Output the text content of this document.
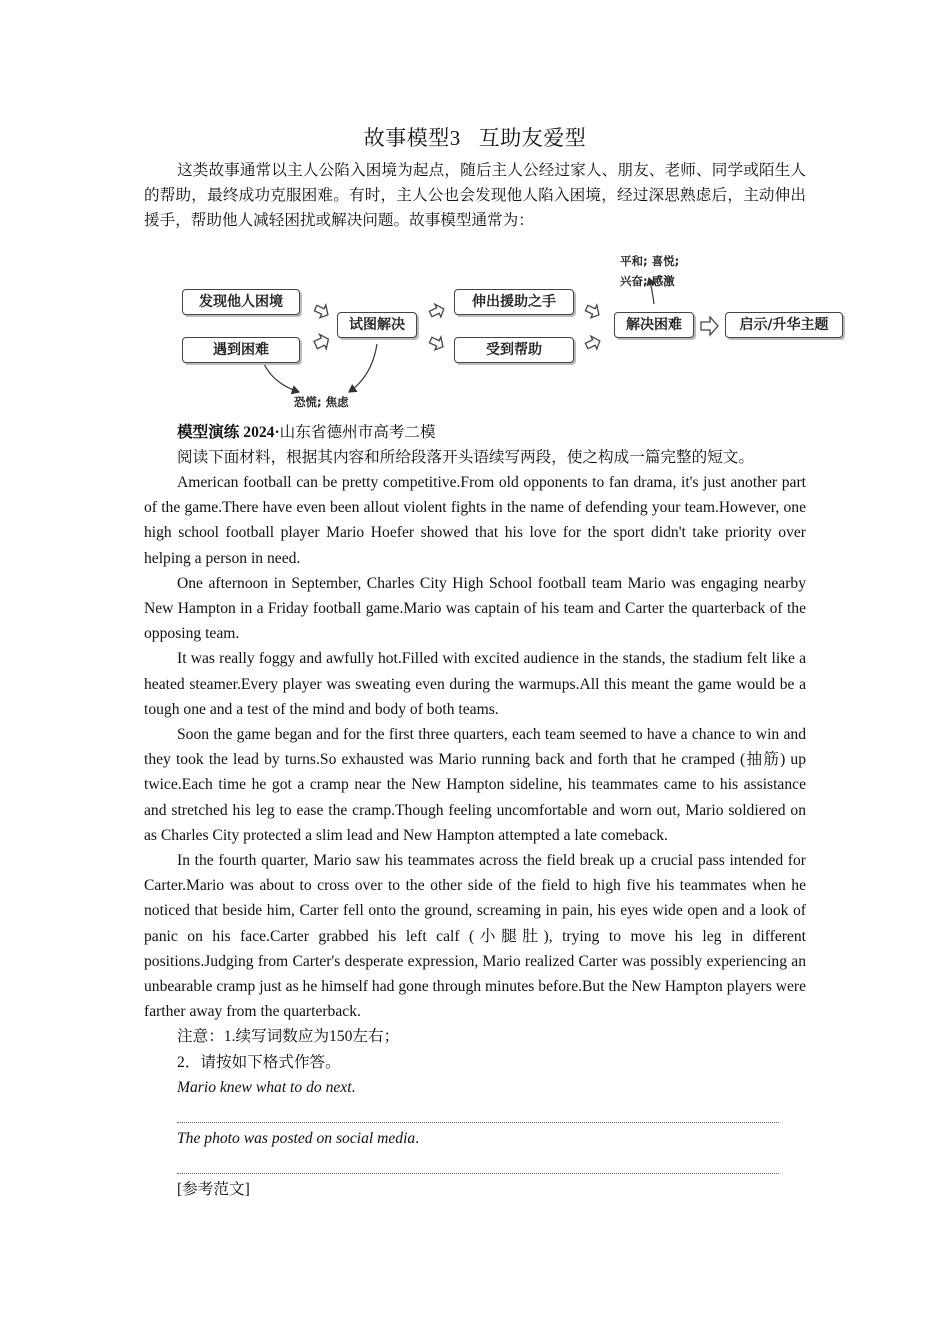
故事模型3 互助友爱型

这类故事通常以主人公陷入困境为起点，随后主人公经过家人、朋友、老师、同学或陌生人的帮助，最终成功克服困难。有时，主人公也会发现他人陷入困境，经过深思熟虑后，主动伸出援手，帮助他人减轻困扰或解决问题。故事模型通常为：

发现他人困境
遇到困难
试图解决
伸出援助之手
受到帮助
解决困难	启示/升华主题
平和; 喜悦;
兴奋; 感激
恐慌; 焦虑

模型演练 2024·山东省德州市高考二模

阅读下面材料，根据其内容和所给段落开头语续写两段，使之构成一篇完整的短文。

American football can be pretty competitive.From old opponents to fan drama, it's just another part of the game.There have even been allout violent fights in the name of defending your team.However, one high school football player Mario Hoefer showed that his love for the sport didn't take priority over helping a person in need.

One afternoon in September, Charles City High School football team Mario was engaging nearby New Hampton in a Friday football game.Mario was captain of his team and Carter the quarterback of the opposing team.

It was really foggy and awfully hot.Filled with excited audience in the stands, the stadium felt like a heated steamer.Every player was sweating even during the warmups.All this meant the game would be a tough one and a test of the mind and body of both teams.

Soon the game began and for the first three quarters, each team seemed to have a chance to win and they took the lead by turns.So exhausted was Mario running back and forth that he cramped (抽筋) up twice.Each time he got a cramp near the New Hampton sideline, his teammates came to his assistance and stretched his leg to ease the cramp.Though feeling uncomfortable and worn out, Mario soldiered on as Charles City protected a slim lead and New Hampton attempted a late comeback.

In the fourth quarter, Mario saw his teammates across the field break up a crucial pass intended for Carter.Mario was about to cross over to the other side of the field to high five his teammates when he noticed that beside him, Carter fell onto the ground, screaming in pain, his eyes wide open and a look of panic on his face.Carter grabbed his left calf (小腿肚), trying to move his leg in different positions.Judging from Carter's desperate expression, Mario realized Carter was possibly experiencing an unbearable cramp just as he himself had gone through minutes before.But the New Hampton players were farther away from the quarterback.

注意：1.续写词数应为150左右；

2．请按如下格式作答。

Mario knew what to do next.

The photo was posted on social media.

[参考范文]
